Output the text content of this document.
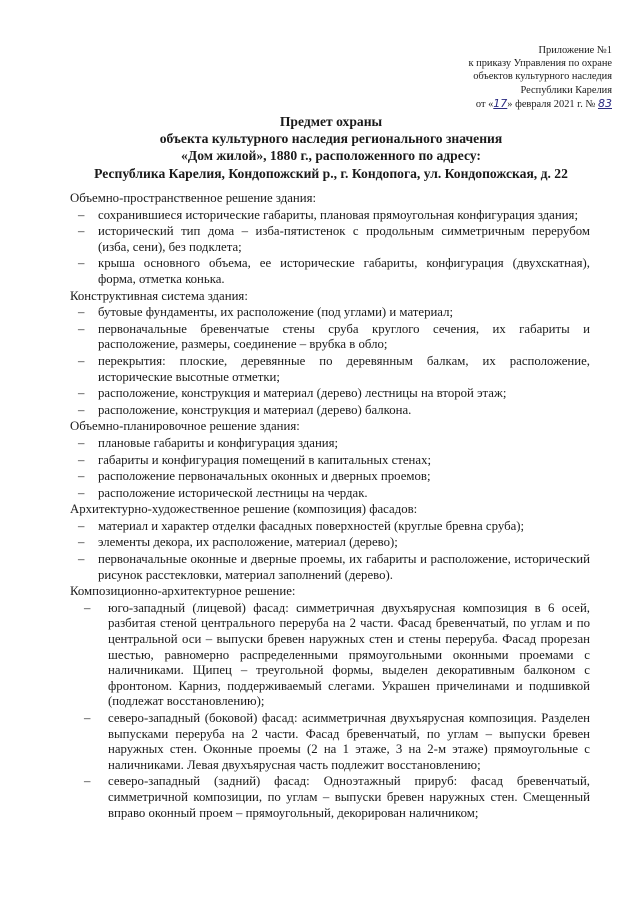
Приложение №1
к приказу Управления по охране
объектов культурного наследия
Республики Карелия
от «17» февраля 2021 г. № 83
Предмет охраны
объекта культурного наследия регионального значения
«Дом жилой», 1880 г., расположенного по адресу:
Республика Карелия, Кондопожский р., г. Кондопога, ул. Кондопожская, д. 22
Объемно-пространственное решение здания:
– сохранившиеся исторические габариты, плановая прямоугольная конфигурация здания;
– исторический тип дома – изба-пятистенок с продольным симметричным перерубом (изба, сени), без подклета;
– крыша основного объема, ее исторические габариты, конфигурация (двухскатная), форма, отметка конька.
Конструктивная система здания:
– бутовые фундаменты, их расположение (под углами) и материал;
– первоначальные бревенчатые стены сруба круглого сечения, их габариты и расположение, размеры, соединение – врубка в обло;
– перекрытия: плоские, деревянные по деревянным балкам, их расположение, исторические высотные отметки;
– расположение, конструкция и материал (дерево) лестницы на второй этаж;
– расположение, конструкция и материал (дерево) балкона.
Объемно-планировочное решение здания:
– плановые габариты и конфигурация здания;
– габариты и конфигурация помещений в капитальных стенах;
– расположение первоначальных оконных и дверных проемов;
– расположение исторической лестницы на чердак.
Архитектурно-художественное решение (композиция) фасадов:
– материал и характер отделки фасадных поверхностей (круглые бревна сруба);
– элементы декора, их расположение, материал (дерево);
– первоначальные оконные и дверные проемы, их габариты и расположение, исторический рисунок расстекловки, материал заполнений (дерево).
Композиционно-архитектурное решение:
– юго-западный (лицевой) фасад: симметричная двухъярусная композиция в 6 осей, разбитая стеной центрального переруба на 2 части. Фасад бревенчатый, по углам и по центральной оси – выпуски бревен наружных стен и стены переруба. Фасад прорезан шестью, равномерно распределенными прямоугольными оконными проемами с наличниками. Щипец – треугольной формы, выделен декоративным балконом с фронтоном. Карниз, поддерживаемый слегами. Украшен причелинами и подшивкой (подлежат восстановлению);
– северо-западный (боковой) фасад: асимметричная двухъярусная композиция. Разделен выпусками переруба на 2 части. Фасад бревенчатый, по углам – выпуски бревен наружных стен. Оконные проемы (2 на 1 этаже, 3 на 2-м этаже) прямоугольные с наличниками. Левая двухъярусная часть подлежит восстановлению;
– северо-западный (задний) фасад: Одноэтажный прируб: фасад бревенчатый, симметричной композиции, по углам – выпуски бревен наружных стен. Смещенный вправо оконный проем – прямоугольный, декорирован наличником;
